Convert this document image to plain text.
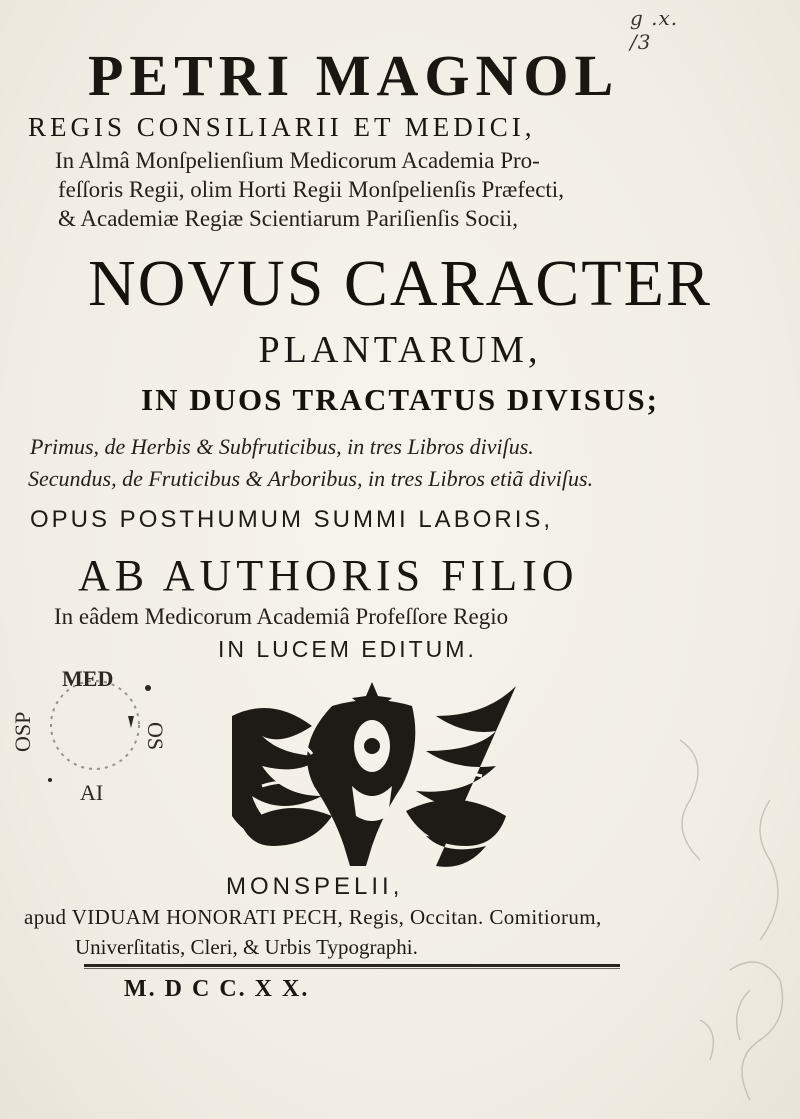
g .x. /3
PETRI MAGNOL
REGIS CONSILIARII ET MEDICI,
In Almâ Monſpelienſium Medicorum Academia Pro-
feſſoris Regii, olim Horti Regii Monſpelienſis Præfecti,
& Academiæ Regiæ Scientiarum Pariſienſis Socii,
NOVUS CARACTER
PLANTARUM,
IN DUOS TRACTATUS DIVISUS;
Primus, de Herbis & Subfruticibus, in tres Libros diviſus.
Secundus, de Fruticibus & Arboribus, in tres Libros etiã diviſus.
OPUS POSTHUMUM SUMMI LABORIS,
AB AUTHORIS FILIO
In eâdem Medicorum Academiâ Profeſſore Regio
IN LUCEM EDITUM.
MED
OSP
AI
OS
MONSPELII,
apud VIDUAM HONORATI PECH, Regis, Occitan. Comitiorum,
Univerſitatis, Cleri, & Urbis Typographi.
M. D C C. X X.
